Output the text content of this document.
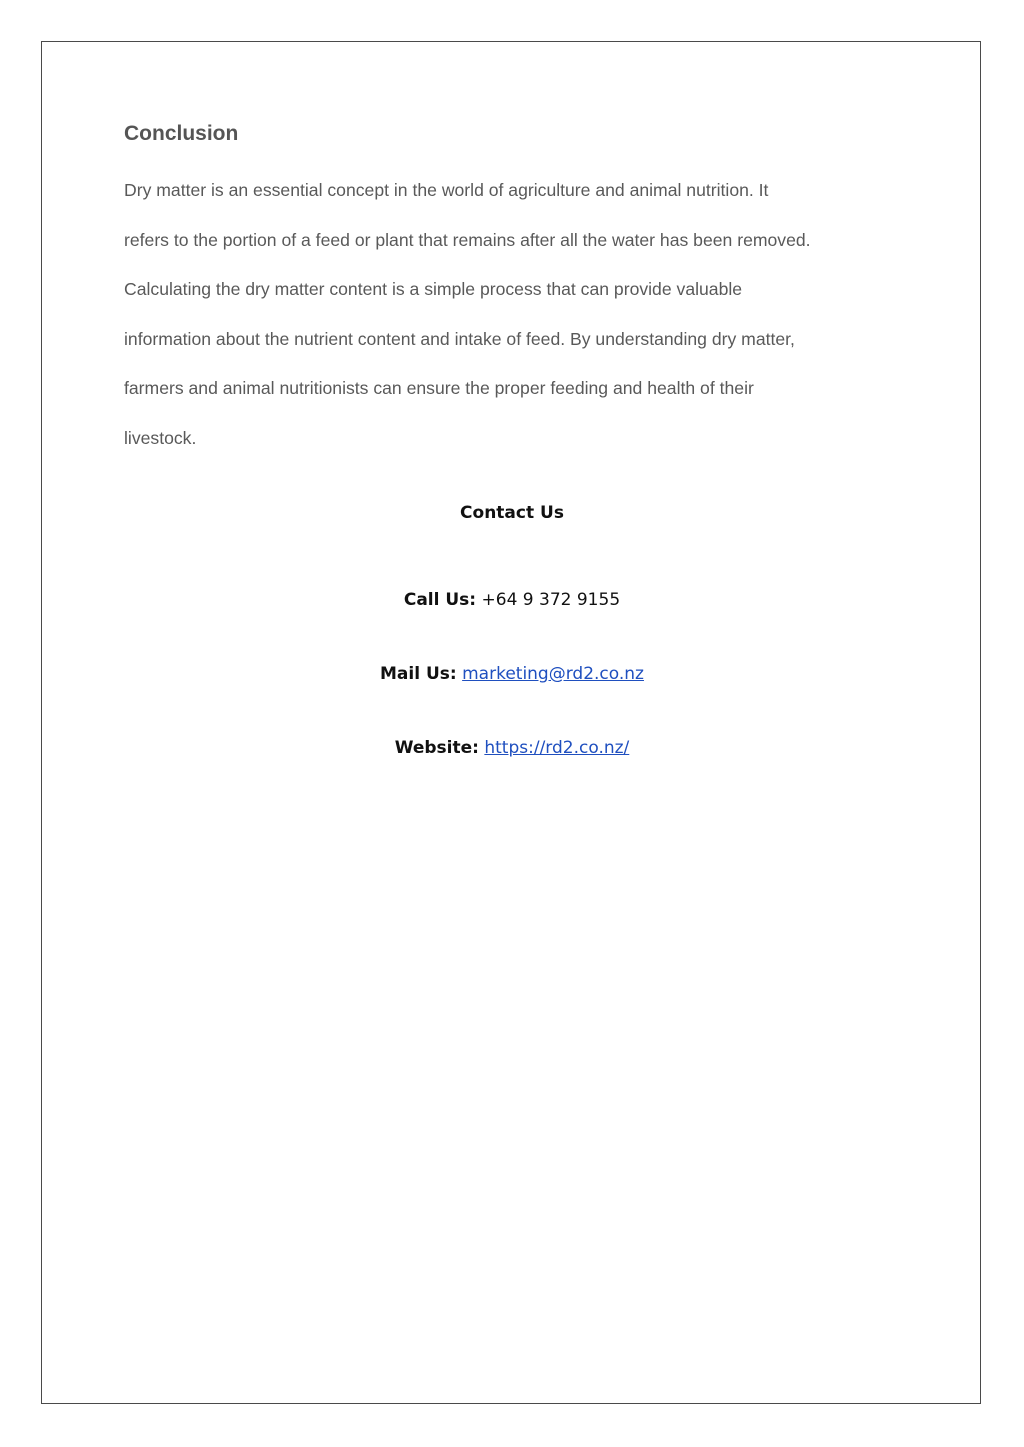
Conclusion

Dry matter is an essential concept in the world of agriculture and animal nutrition. It
refers to the portion of a feed or plant that remains after all the water has been removed.
Calculating the dry matter content is a simple process that can provide valuable
information about the nutrient content and intake of feed. By understanding dry matter,
farmers and animal nutritionists can ensure the proper feeding and health of their
livestock.

Contact Us
Call Us: +64 9 372 9155
Mail Us: marketing@rd2.co.nz
Website: https://rd2.co.nz/
